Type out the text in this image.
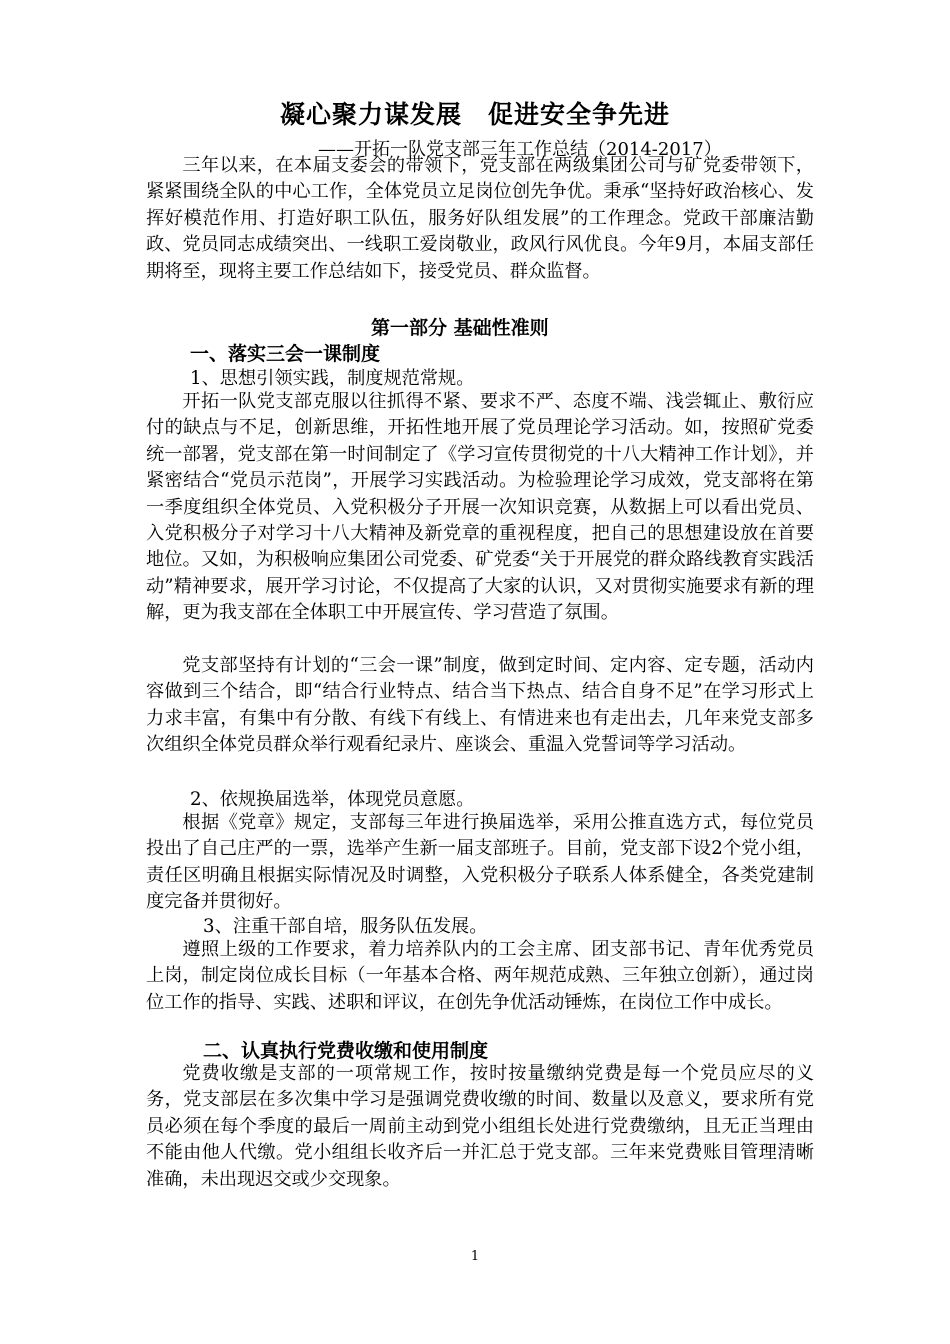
凝心聚力谋发展　促进安全争先进
——开拓一队党支部三年工作总结（2014-2017）

三年以来，在本届支委会的带领下，党支部在两级集团公司与矿党委带领下，紧紧围绕全队的中心工作，全体党员立足岗位创先争优。秉承“坚持好政治核心、发挥好模范作用、打造好职工队伍，服务好队组发展”的工作理念。党政干部廉洁勤政、党员同志成绩突出、一线职工爱岗敬业，政风行风优良。今年9月，本届支部任期将至，现将主要工作总结如下，接受党员、群众监督。

第一部分 基础性准则
一、落实三会一课制度
1、思想引领实践，制度规范常规。

开拓一队党支部克服以往抓得不紧、要求不严、态度不端、浅尝辄止、敷衍应付的缺点与不足，创新思维，开拓性地开展了党员理论学习活动。如，按照矿党委统一部署，党支部在第一时间制定了《学习宣传贯彻党的十八大精神工作计划》，并紧密结合“党员示范岗”，开展学习实践活动。为检验理论学习成效，党支部将在第一季度组织全体党员、入党积极分子开展一次知识竞赛，从数据上可以看出党员、入党积极分子对学习十八大精神及新党章的重视程度，把自己的思想建设放在首要地位。又如，为积极响应集团公司党委、矿党委“关于开展党的群众路线教育实践活动”精神要求，展开学习讨论，不仅提高了大家的认识，又对贯彻实施要求有新的理解，更为我支部在全体职工中开展宣传、学习营造了氛围。

党支部坚持有计划的“三会一课”制度，做到定时间、定内容、定专题，活动内容做到三个结合，即“结合行业特点、结合当下热点、结合自身不足”在学习形式上力求丰富，有集中有分散、有线下有线上、有情进来也有走出去，几年来党支部多次组织全体党员群众举行观看纪录片、座谈会、重温入党誓词等学习活动。

2、依规换届选举，体现党员意愿。

根据《党章》规定，支部每三年进行换届选举，采用公推直选方式，每位党员投出了自己庄严的一票，选举产生新一届支部班子。目前，党支部下设2个党小组，责任区明确且根据实际情况及时调整，入党积极分子联系人体系健全，各类党建制度完备并贯彻好。

3、注重干部自培，服务队伍发展。

遵照上级的工作要求，着力培养队内的工会主席、团支部书记、青年优秀党员上岗，制定岗位成长目标（一年基本合格、两年规范成熟、三年独立创新），通过岗位工作的指导、实践、述职和评议，在创先争优活动锤炼，在岗位工作中成长。

二、认真执行党费收缴和使用制度

党费收缴是支部的一项常规工作，按时按量缴纳党费是每一个党员应尽的义务，党支部层在多次集中学习是强调党费收缴的时间、数量以及意义，要求所有党员必须在每个季度的最后一周前主动到党小组组长处进行党费缴纳，且无正当理由不能由他人代缴。党小组组长收齐后一并汇总于党支部。三年来党费账目管理清晰准确，未出现迟交或少交现象。

1
